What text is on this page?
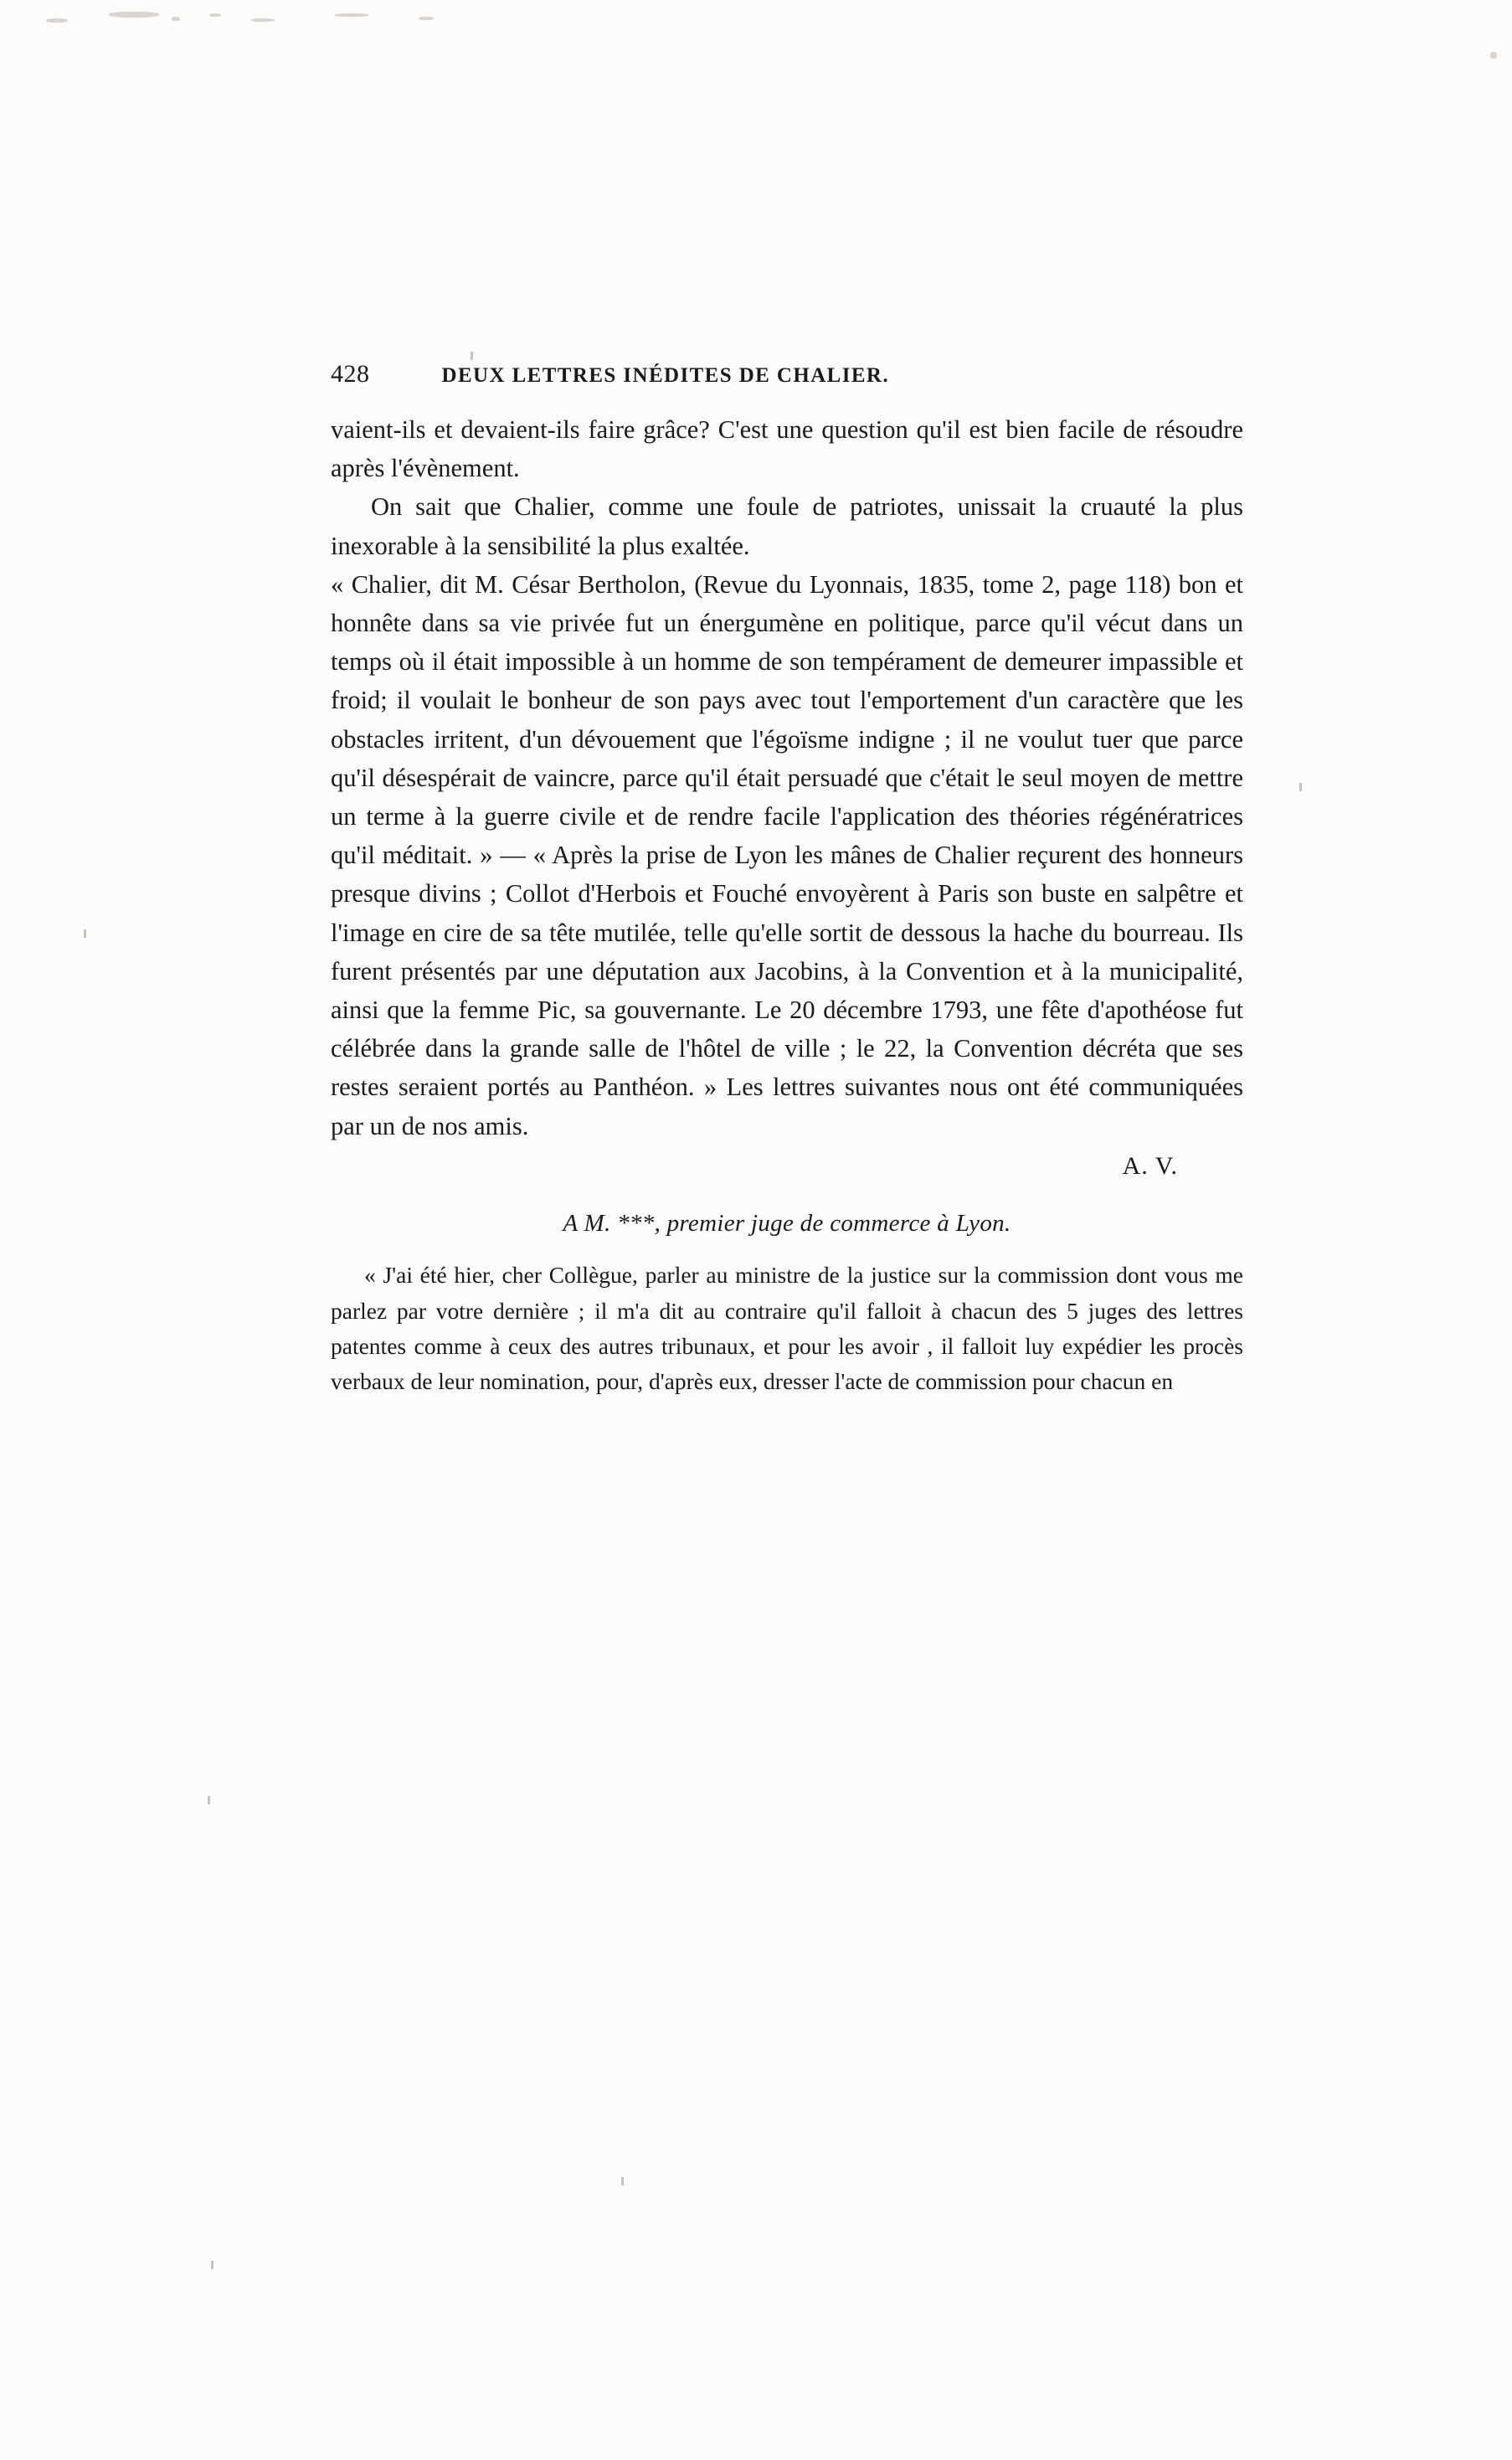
428	DEUX LETTRES INÉDITES DE CHALIER.

vaient-ils et devaient-ils faire grâce? C'est une question qu'il est bien facile de résoudre après l'évènement.

On sait que Chalier, comme une foule de patriotes, unissait la cruauté la plus inexorable à la sensibilité la plus exaltée.

« Chalier, dit M. César Bertholon, (Revue du Lyonnais, 1835, tome 2, page 118) bon et honnête dans sa vie privée fut un énergumène en politique, parce qu'il vécut dans un temps où il était impossible à un homme de son tempérament de demeurer impassible et froid; il voulait le bonheur de son pays avec tout l'emportement d'un caractère que les obstacles irritent, d'un dévouement que l'égoïsme indigne ; il ne voulut tuer que parce qu'il désespérait de vaincre, parce qu'il était persuadé que c'était le seul moyen de mettre un terme à la guerre civile et de rendre facile l'application des théories régénératrices qu'il méditait. » — « Après la prise de Lyon les mânes de Chalier reçurent des honneurs presque divins ; Collot d'Herbois et Fouché envoyèrent à Paris son buste en salpêtre et l'image en cire de sa tête mutilée, telle qu'elle sortit de dessous la hache du bourreau. Ils furent présentés par une députation aux Jacobins, à la Convention et à la municipalité, ainsi que la femme Pic, sa gouvernante. Le 20 décembre 1793, une fête d'apothéose fut célébrée dans la grande salle de l'hôtel de ville ; le 22, la Convention décréta que ses restes seraient portés au Panthéon. » Les lettres suivantes nous ont été communiquées par un de nos amis.

A. V.
A M. ***, premier juge de commerce à Lyon.

« J'ai été hier, cher Collègue, parler au ministre de la justice sur la commission dont vous me parlez par votre dernière ; il m'a dit au contraire qu'il falloit à chacun des 5 juges des lettres patentes comme à ceux des autres tribunaux, et pour les avoir , il falloit luy expédier les procès verbaux de leur nomination, pour, d'après eux, dresser l'acte de commission pour chacun en
